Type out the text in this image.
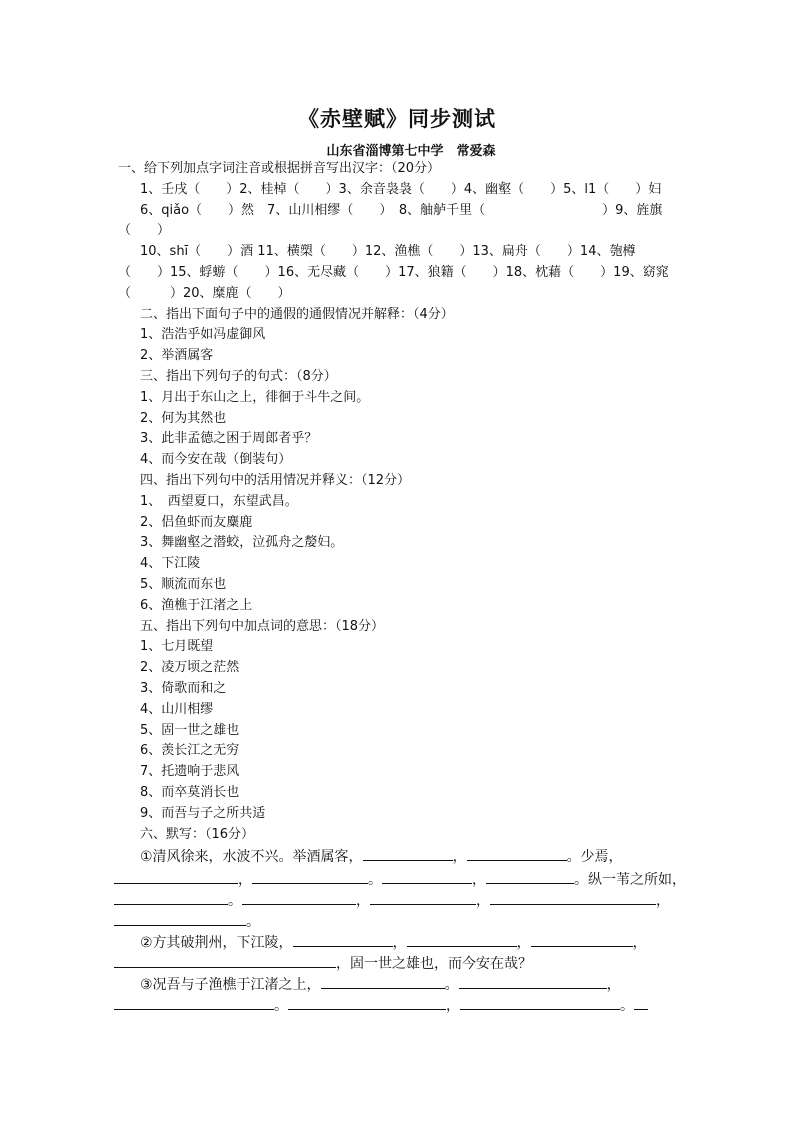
《赤壁赋》同步测试
山东省淄博第七中学　常爱森
一、给下列加点字词注音或根据拼音写出汉字：（20分）
1、壬戌（　　）2、桂棹（　　）3、余音袅袅（　　）4、幽壑（　　）5、l1（　　）妇
6、qiǎo（　　）然　7、山川相缪（　　）　8、舳舻千里（　　　　　　　　　）9、旌旗
（　　）
10、shī（　　）酒 11、横槊（　　）12、渔樵（　　）13、扁舟（　　）14、匏樽
（　　）15、蜉蝣（　　）16、无尽藏（　　）17、狼籍（　　）18、枕藉（　　）19、窈窕
（　　　）20、糜鹿（　　）
二、指出下面句子中的通假的通假情况并解释：（4分）
1、浩浩乎如冯虚御风
2、举酒属客
三、指出下列句子的句式：（8分）
1、月出于东山之上，徘徊于斗牛之间。
2、何为其然也
3、此非孟德之困于周郎者乎？
4、而今安在哉（倒装句）
四、指出下列句中的活用情况并释义：（12分）
1、　西望夏口，东望武昌。
2、侣鱼虾而友麋鹿
3、舞幽壑之潜蛟，泣孤舟之嫠妇。
4、下江陵
5、顺流而东也
6、渔樵于江渚之上
五、指出下列句中加点词的意思：（18分）
1、七月既望
2、凌万顷之茫然
3、倚歌而和之
4、山川相缪
5、固一世之雄也
6、羡长江之无穷
7、托遗响于悲风
8、而卒莫消长也
9、而吾与子之所共适
六、默写：（16分）
①清风徐来，水波不兴。举酒属客，	，	。少焉，
，	。	，	。纵一苇之所如，
。	，	，	，
。
②方其破荆州，下江陵，	，	，	，
，固一世之雄也，而今安在哉？
③况吾与子渔樵于江渚之上，	。	，
。	，	。
